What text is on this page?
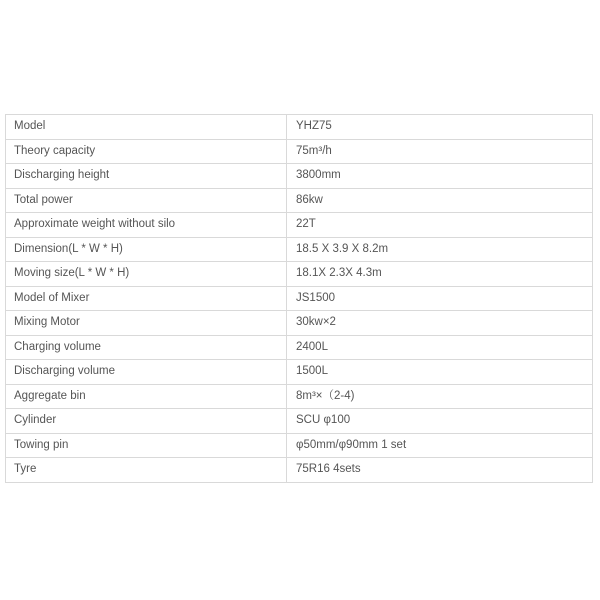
Model	YHZ75
Theory capacity	75m³/h
Discharging height	3800mm
Total power	86kw
Approximate weight without silo	22T
Dimension(L * W * H)	18.5 X 3.9 X 8.2m
Moving size(L * W * H)	18.1X 2.3X 4.3m
Model of Mixer	JS1500
Mixing Motor	30kw×2
Charging volume	2400L
Discharging volume	1500L
Aggregate bin	8m³×（2-4)
Cylinder	SCU φ100
Towing pin	φ50mm/φ90mm 1 set
Tyre	75R16 4sets
